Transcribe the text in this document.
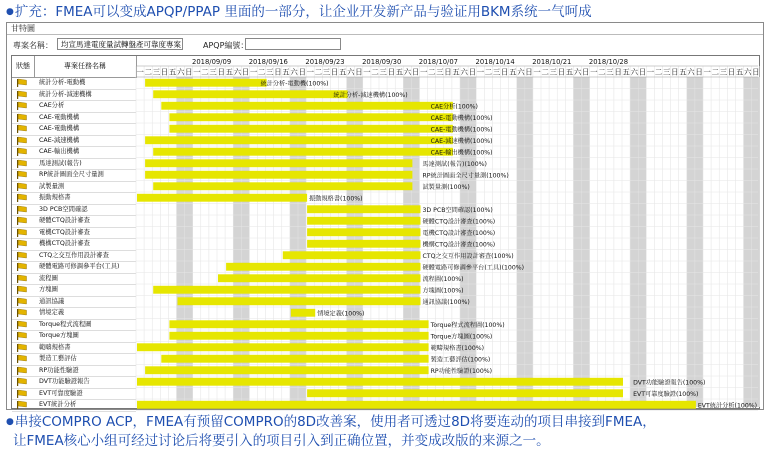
●扩充：FMEA可以变成APQP/PPAP 里面的一部分，让企业开发新产品与验证用BKM系统一气呵成
甘特圖
專案名稱：	均宣馬達電度量試轉盤產可靠度專案	APQP編號：
狀態	專案任務名稱
統計分析-電動機
統計分析-減速機構
CAE分析
CAE-電動機構
CAE-電動機構
CAE-減速機構
CAE-輸出機構
馬達測試(報告)
RP統計圖面全尺寸量測
試製量測
振動規格書
3D PCB空間確認
硬體CTQ設計審查
電機CTQ設計審查
機構CTQ設計審查
CTQ之交互作用設計審查
硬體電路可修調參平台(工具)
流程圖
方塊圖
通訊協議
情境定義
Torque程式流程圖
Torque方塊圖
範疇規格書
製造工藝評估
RP功能性驗證
DVT功能驗證報告
EVT可靠度驗證
EVT統計分析
2018/09/09	2018/09/16	2018/09/23	2018/09/30	2018/10/07	2018/10/14	2018/10/21	2018/10/28
一 二 三 日 五 六 日 一 二 三 日 五 六 日 一 二 三 日 五 六 日 一 二 三 日 五 六 日 一 二 三 日 五 六 日 一 二 三 日 五 六 日 一 二 三 日 五 六 日 一 二 三 日 五 六 日 一 二 三 日 五 六 日 一 二 三 日 五 六 日 一 二 三 日 五 六 日
統計分析-電動機(100%)
統計分析-減速機構(100%)
CAE分析(100%)
CAE-電動機構(100%)
CAE-電動機構(100%)
CAE-減速機構(100%)
CAE-輸出機構(100%)
馬達測試(報告)(100%)
RP統計圖面全尺寸量測(100%)
試製量測(100%)
振動規格書(100%)
3D PCB空間確認(100%)
硬體CTQ設計審查(100%)
電機CTQ設計審查(100%)
機構CTQ設計審查(100%)
CTQ之交互作用設計審查(100%)
硬體電路可修調參平台(工具)(100%)
流程圖(100%)
方塊圖(100%)
通訊協議(100%)
情境定義(100%)
Torque程式流程圖(100%)
Torque方塊圖(100%)
範疇規格書(100%)
製造工藝評估(100%)
RP功能性驗證(100%)
DVT功能驗證報告(100%)
EVT可靠度驗證(100%)
EVT統計分析(100%)
●串接COMPRO ACP，FMEA有预留COMPRO的8D改善案，使用者可透过8D将要连动的项目串接到FMEA，
让FMEA核心小组可经过讨论后将要引入的项目引入到正确位置，并变成改版的来源之一。
